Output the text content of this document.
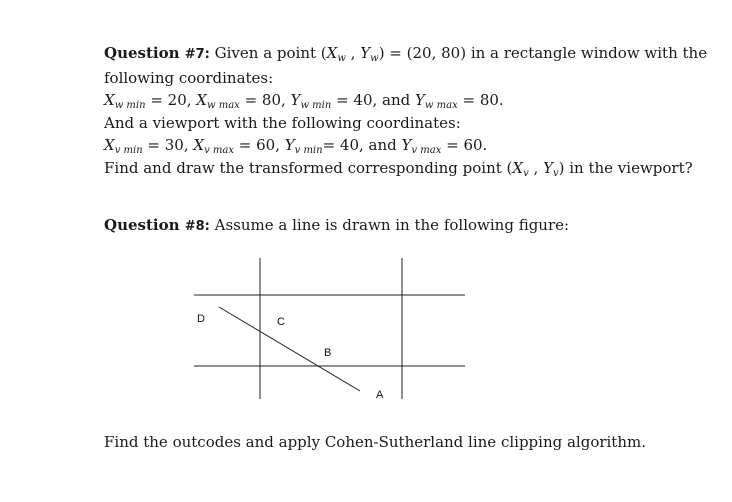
Question #7: Given a point ($X_w$ , $Y_w) = (20$, 80) in a rectangle window with the

following coordinates:

$X_{w min} = 20$, $X_{w max} = 80$, $Y_{w min} = 40$, and $Y_{w max} = 80$.

And a viewport with the following coordinates:

$X_{v min} = 30$, $X_{v max} = 60$, $Y_{v min}= 40$, and $Y_{v max} = 60$.

Find and draw the transformed corresponding point ($X_v$ , $Y_v$) in the viewport?

Question #8: Assume a line is drawn in the following figure:

D	C
B
A

Find the outcodes and apply Cohen-Sutherland line clipping algorithm.
